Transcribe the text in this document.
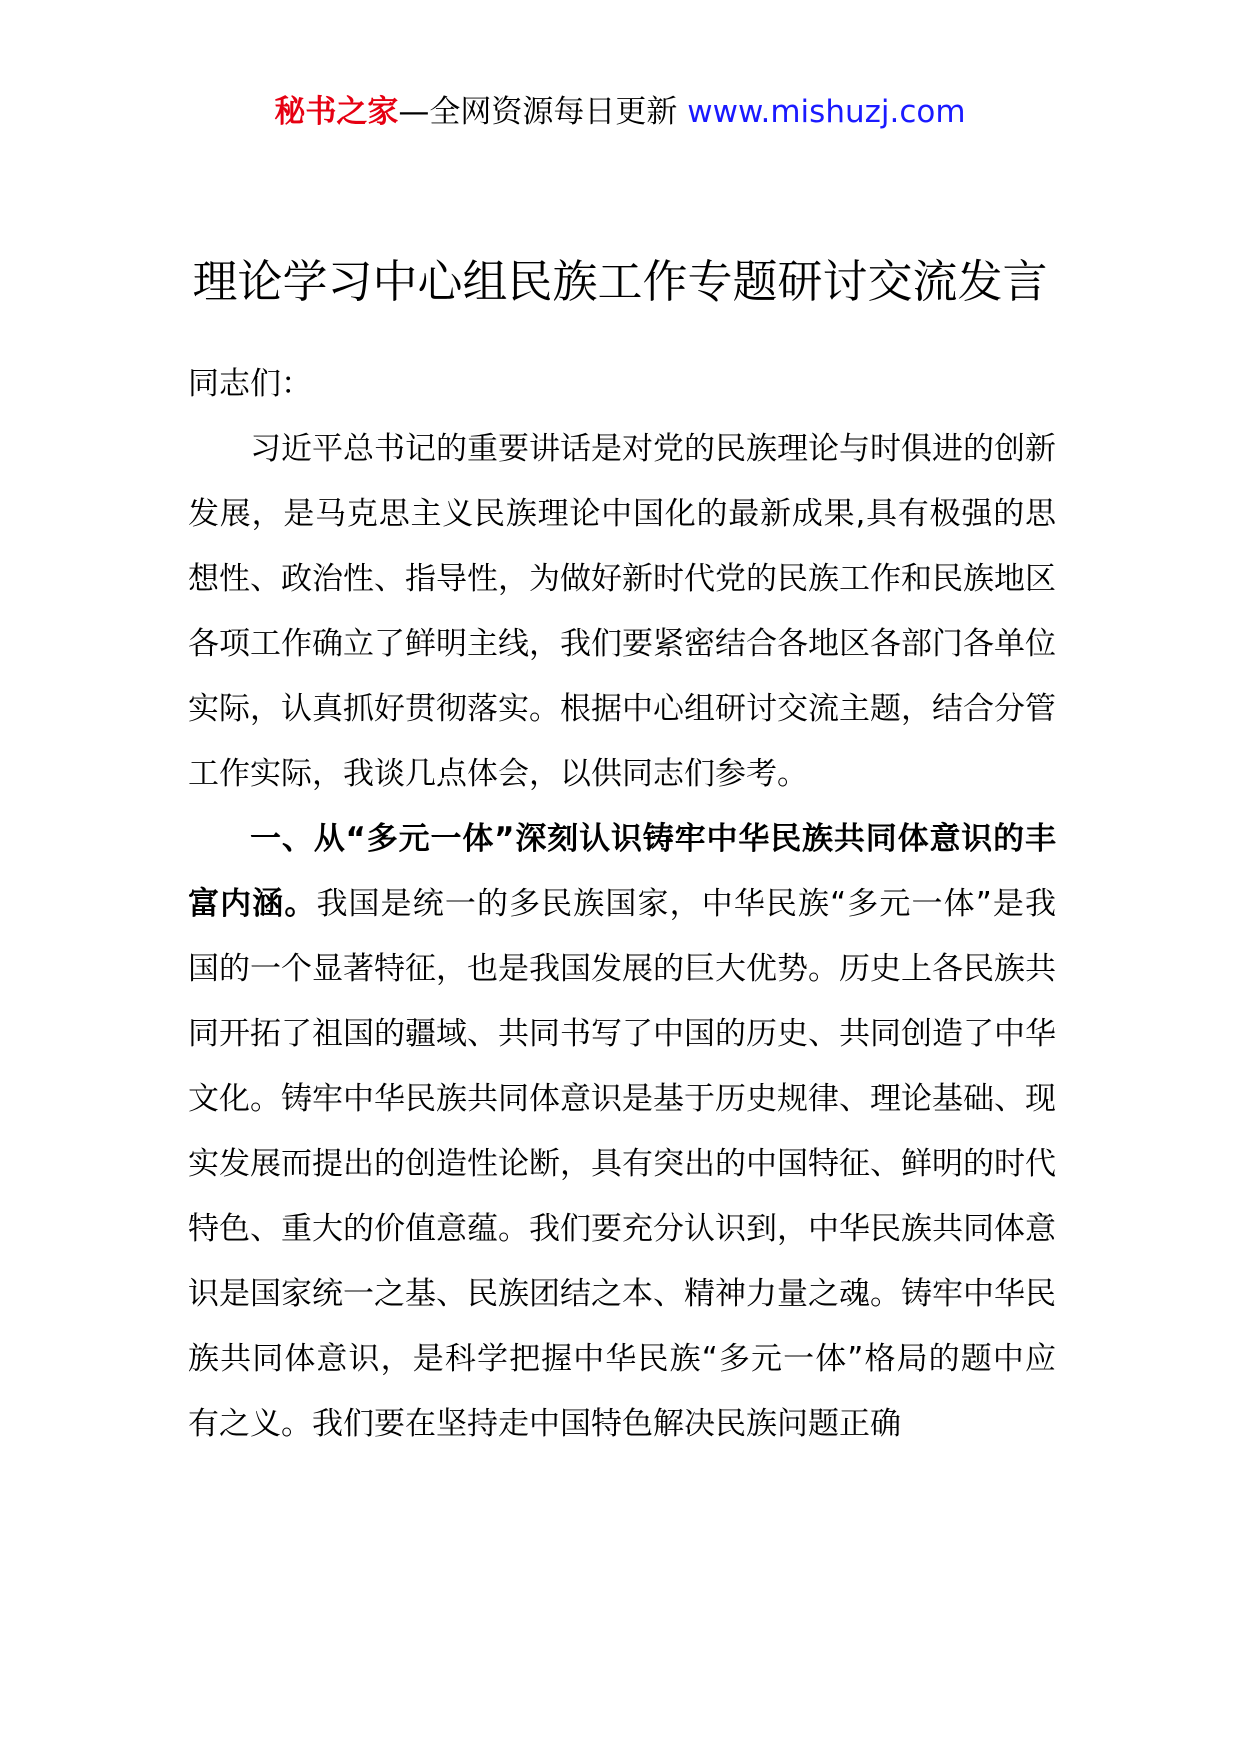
秘书之家—全网资源每日更新 www.mishuzj.com
理论学习中心组民族工作专题研讨交流发言

同志们：

习近平总书记的重要讲话是对党的民族理论与时俱进的创新发展，是马克思主义民族理论中国化的最新成果,具有极强的思想性、政治性、指导性，为做好新时代党的民族工作和民族地区各项工作确立了鲜明主线，我们要紧密结合各地区各部门各单位实际，认真抓好贯彻落实。根据中心组研讨交流主题，结合分管工作实际，我谈几点体会，以供同志们参考。

一、从“多元一体”深刻认识铸牢中华民族共同体意识的丰富内涵。我国是统一的多民族国家，中华民族“多元一体”是我国的一个显著特征，也是我国发展的巨大优势。历史上各民族共同开拓了祖国的疆域、共同书写了中国的历史、共同创造了中华文化。铸牢中华民族共同体意识是基于历史规律、理论基础、现实发展而提出的创造性论断，具有突出的中国特征、鲜明的时代特色、重大的价值意蕴。我们要充分认识到，中华民族共同体意识是国家统一之基、民族团结之本、精神力量之魂。铸牢中华民族共同体意识，是科学把握中华民族“多元一体”格局的题中应有之义。我们要在坚持走中国特色解决民族问题正确
